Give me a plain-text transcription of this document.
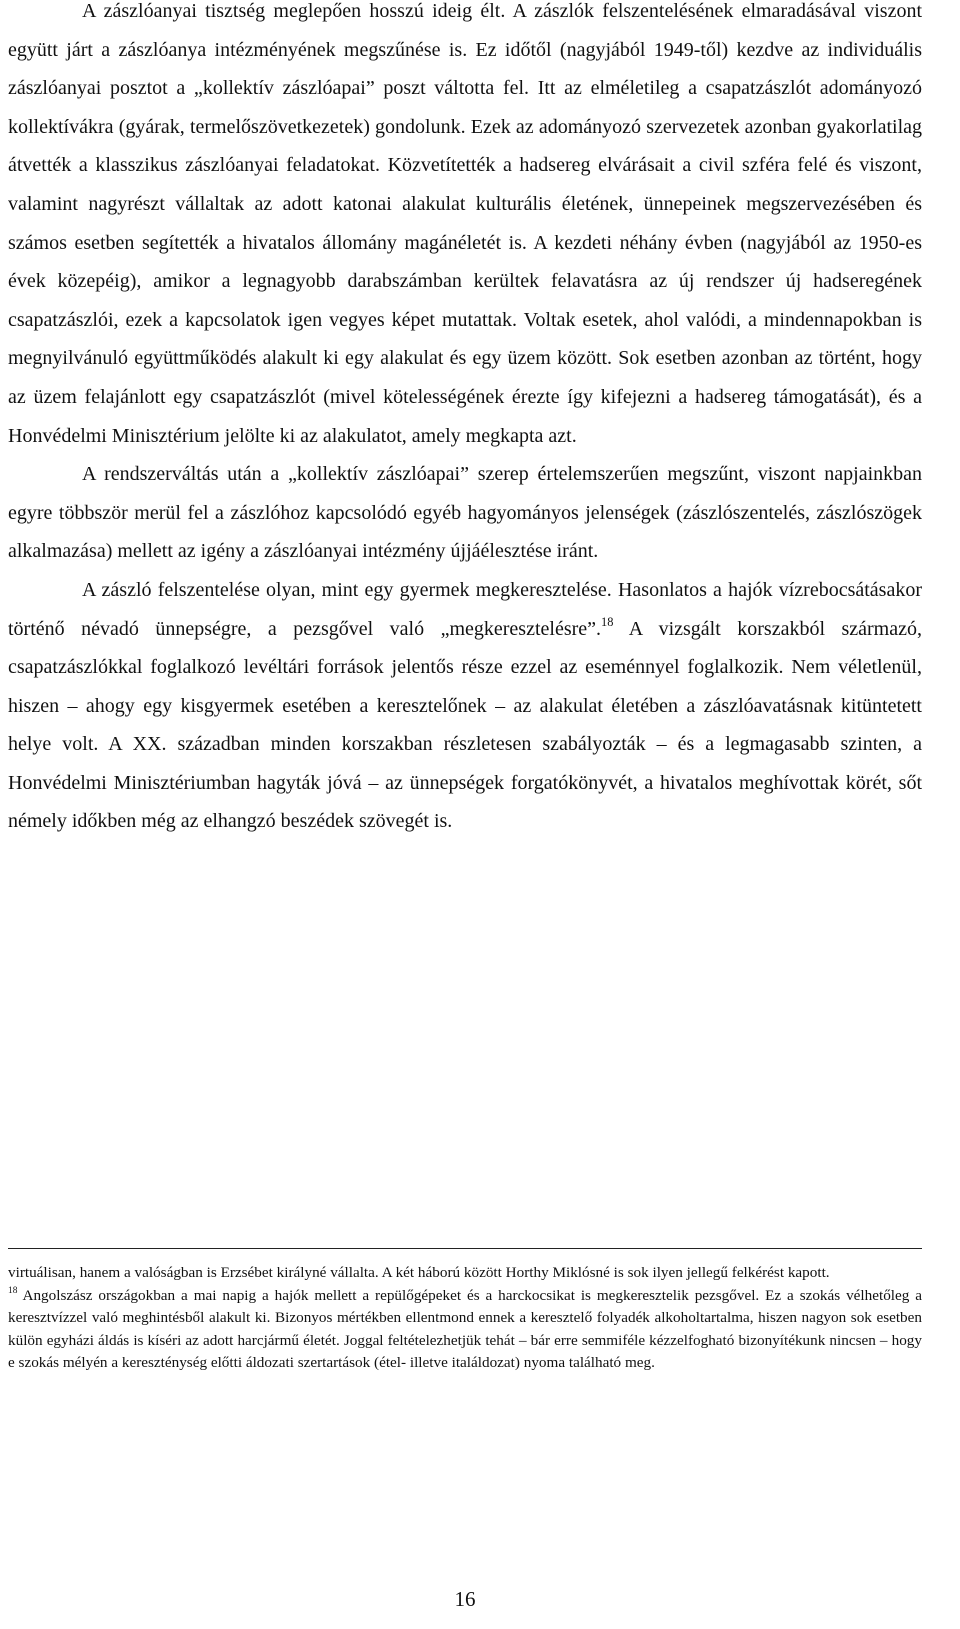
A zászlóanyai tisztség meglepően hosszú ideig élt. A zászlók felszentelésének elmaradásával viszont együtt járt a zászlóanya intézményének megszűnése is. Ez időtől (nagyjából 1949-től) kezdve az individuális zászlóanyai posztot a „kollektív zászlóapai” poszt váltotta fel. Itt az elméletileg a csapatzászlót adományozó kollektívákra (gyárak, termelőszövetkezetek) gondolunk. Ezek az adományozó szervezetek azonban gyakorlatilag átvették a klasszikus zászlóanyai feladatokat. Közvetítették a hadsereg elvárásait a civil szféra felé és viszont, valamint nagyrészt vállaltak az adott katonai alakulat kulturális életének, ünnepeinek megszervezésében és számos esetben segítették a hivatalos állomány magánéletét is. A kezdeti néhány évben (nagyjából az 1950-es évek közepéig), amikor a legnagyobb darabszámban kerültek felavatásra az új rendszer új hadseregének csapatzászlói, ezek a kapcsolatok igen vegyes képet mutattak. Voltak esetek, ahol valódi, a mindennapokban is megnyilvánuló együttműködés alakult ki egy alakulat és egy üzem között. Sok esetben azonban az történt, hogy az üzem felajánlott egy csapatzászlót (mivel kötelességének érezte így kifejezni a hadsereg támogatását), és a Honvédelmi Minisztérium jelölte ki az alakulatot, amely megkapta azt.

A rendszerváltás után a „kollektív zászlóapai” szerep értelemszerűen megszűnt, viszont napjainkban egyre többször merül fel a zászlóhoz kapcsolódó egyéb hagyományos jelenségek (zászlószentelés, zászlószögek alkalmazása) mellett az igény a zászlóanyai intézmény újjáélesztése iránt.

A zászló felszentelése olyan, mint egy gyermek megkeresztelése. Hasonlatos a hajók vízrebocsátásakor történő névadó ünnepségre, a pezsgővel való „megkeresztelésre”.$^{18}$ A vizsgált korszakból származó, csapatzászlókkal foglalkozó levéltári források jelentős része ezzel az eseménnyel foglalkozik. Nem véletlenül, hiszen – ahogy egy kisgyermek esetében a keresztelőnek – az alakulat életében a zászlóavatásnak kitüntetett helye volt. A XX. században minden korszakban részletesen szabályozták – és a legmagasabb szinten, a Honvédelmi Minisztériumban hagyták jóvá – az ünnepségek forgatókönyvét, a hivatalos meghívottak körét, sőt némely időkben még az elhangzó beszédek szövegét is.

virtuálisan, hanem a valóságban is Erzsébet királyné vállalta. A két háború között Horthy Miklósné is sok ilyen jellegű felkérést kapott.

$^{18}$ Angolszász országokban a mai napig a hajók mellett a repülőgépeket és a harckocsikat is megkeresztelik pezsgővel. Ez a szokás vélhetőleg a keresztvízzel való meghintésből alakult ki. Bizonyos mértékben ellentmond ennek a keresztelő folyadék alkoholtartalma, hiszen nagyon sok esetben külön egyházi áldás is kíséri az adott harcjármű életét. Joggal feltételezhetjük tehát – bár erre semmiféle kézzelfogható bizonyítékunk nincsen – hogy e szokás mélyén a kereszténység előtti áldozati szertartások (étel- illetve italáldozat) nyoma található meg.

16
